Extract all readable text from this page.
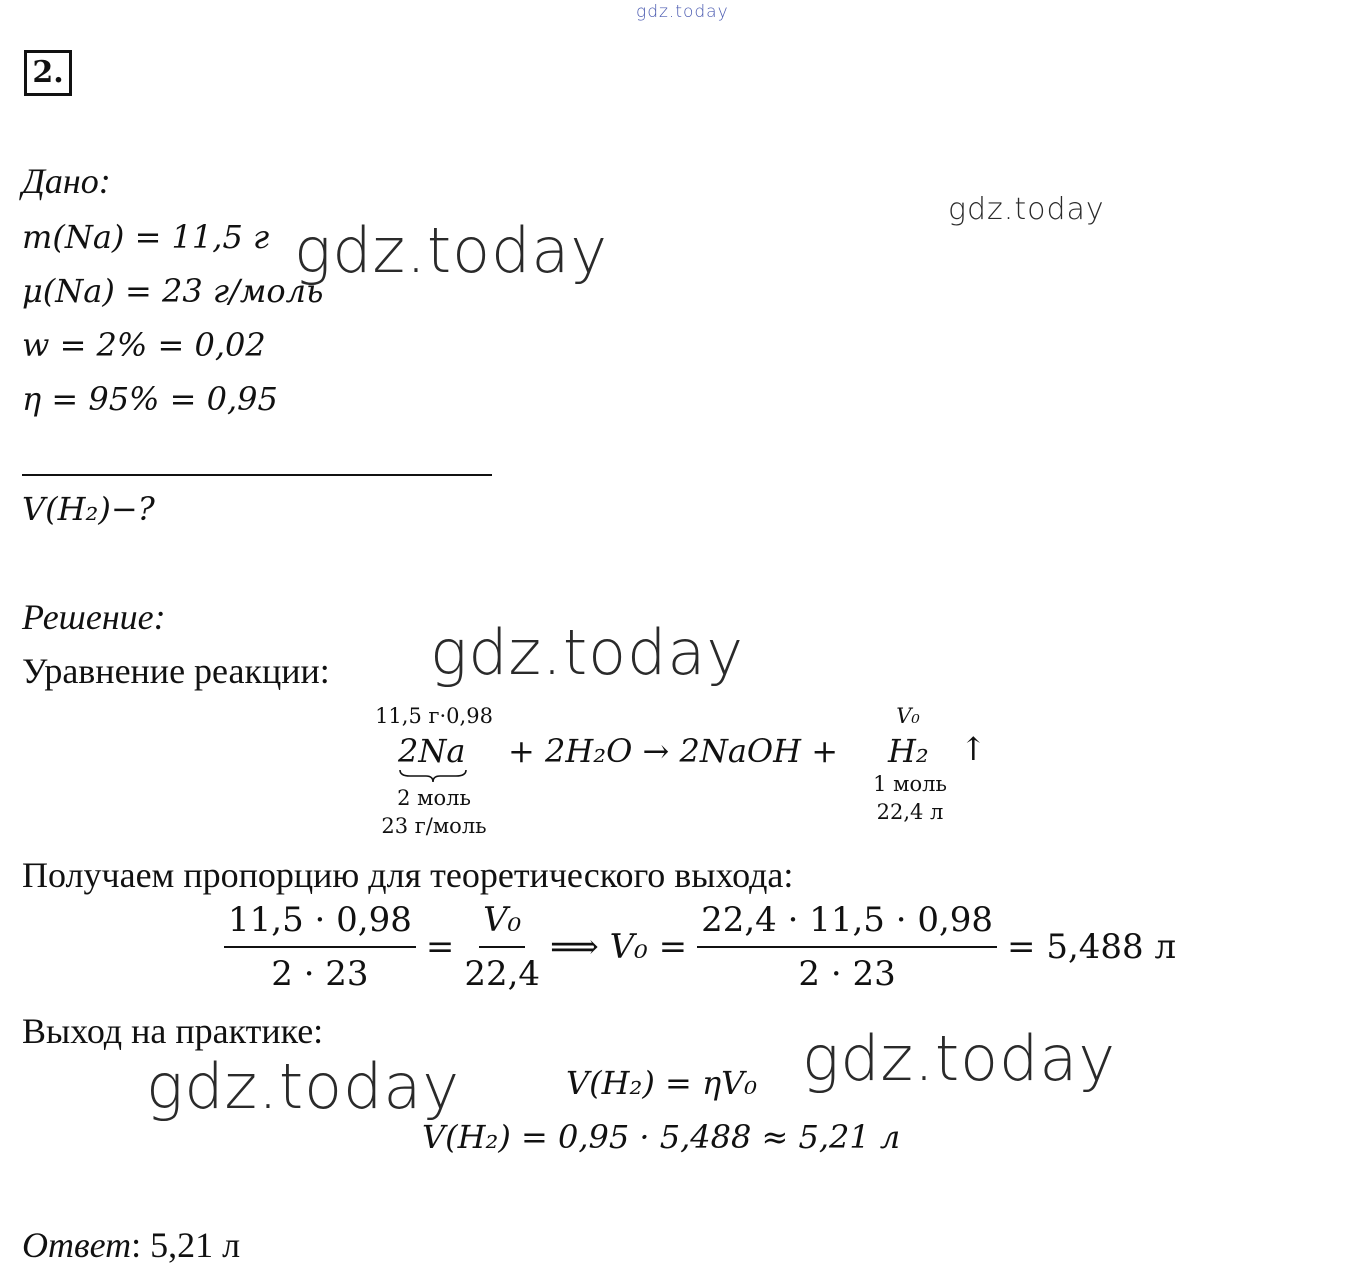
gdz.today
2.
Дано:
m(Na) = 11,5 г
μ(Na) = 23 г/моль
w = 2% = 0,02
η = 95% = 0,95
V(H₂)−?
Решение:
Уравнение реакции:
11,5 г·0,98
2Na
2 моль
23 г/моль
+ 2H₂O → 2NaOH +
V₀
H₂ ↑
1 моль
22,4 л
Получаем пропорцию для теоретического выхода:
$\frac{11,5 \cdot 0,98}{2 \cdot 23} = \frac{\text{V₀}}{22,4}$ ⟹ $V_0 = \frac{22,4 \cdot 11,5 \cdot 0,98}{2 \cdot 23} = 5,488$ л
Выход на практике:
V(H₂) = ηV₀
V(H₂) = 0,95 · 5,488 ≈ 5,21 л
Ответ: 5,21 л
gdz.today
gdz.today
gdz.today
gdz.today
gdz.today
